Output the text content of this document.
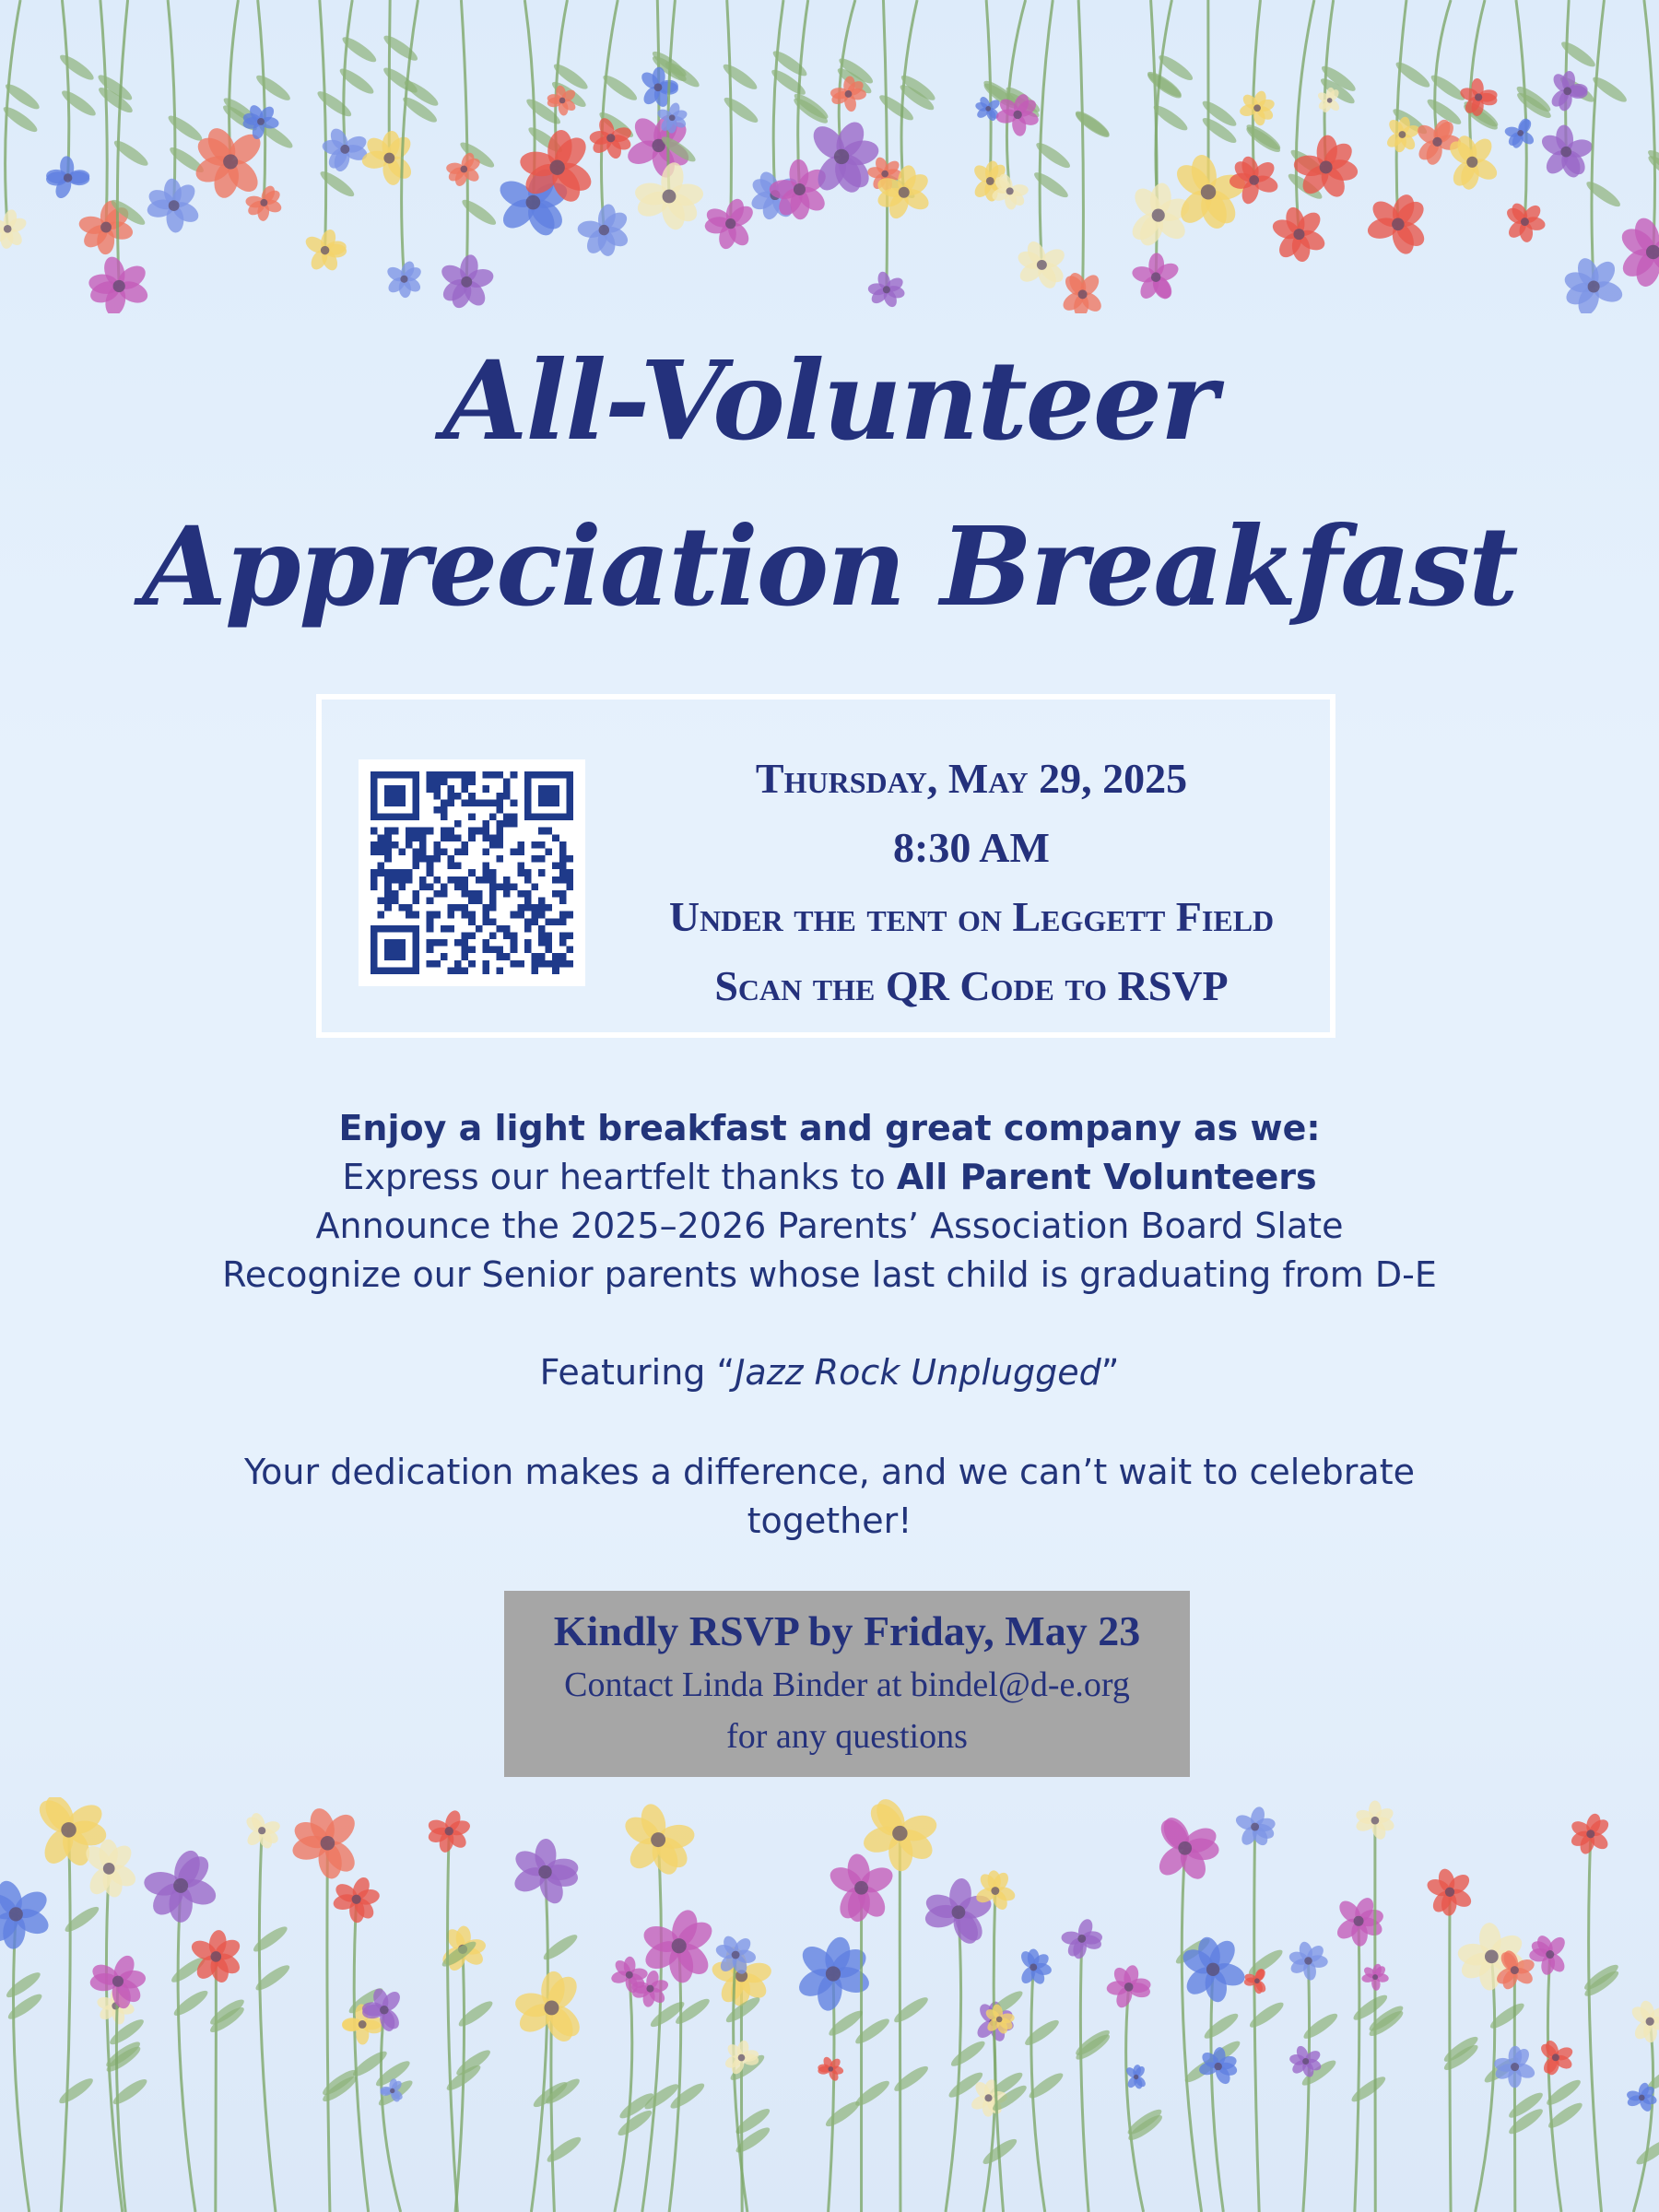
All-Volunteer
Appreciation Breakfast
Thursday, May 29, 2025
8:30 AM
Under the tent on Leggett Field
Scan the QR Code to RSVP
Enjoy a light breakfast and great company as we:
Express our heartfelt thanks to All Parent Volunteers
Announce the 2025–2026 Parents’ Association Board Slate
Recognize our Senior parents whose last child is graduating from D-E
Featuring “Jazz Rock Unplugged”
Your dedication makes a difference, and we can’t wait to celebrate
together!
Kindly RSVP by Friday, May 23
Contact Linda Binder at bindel@d-e.org
for any questions
